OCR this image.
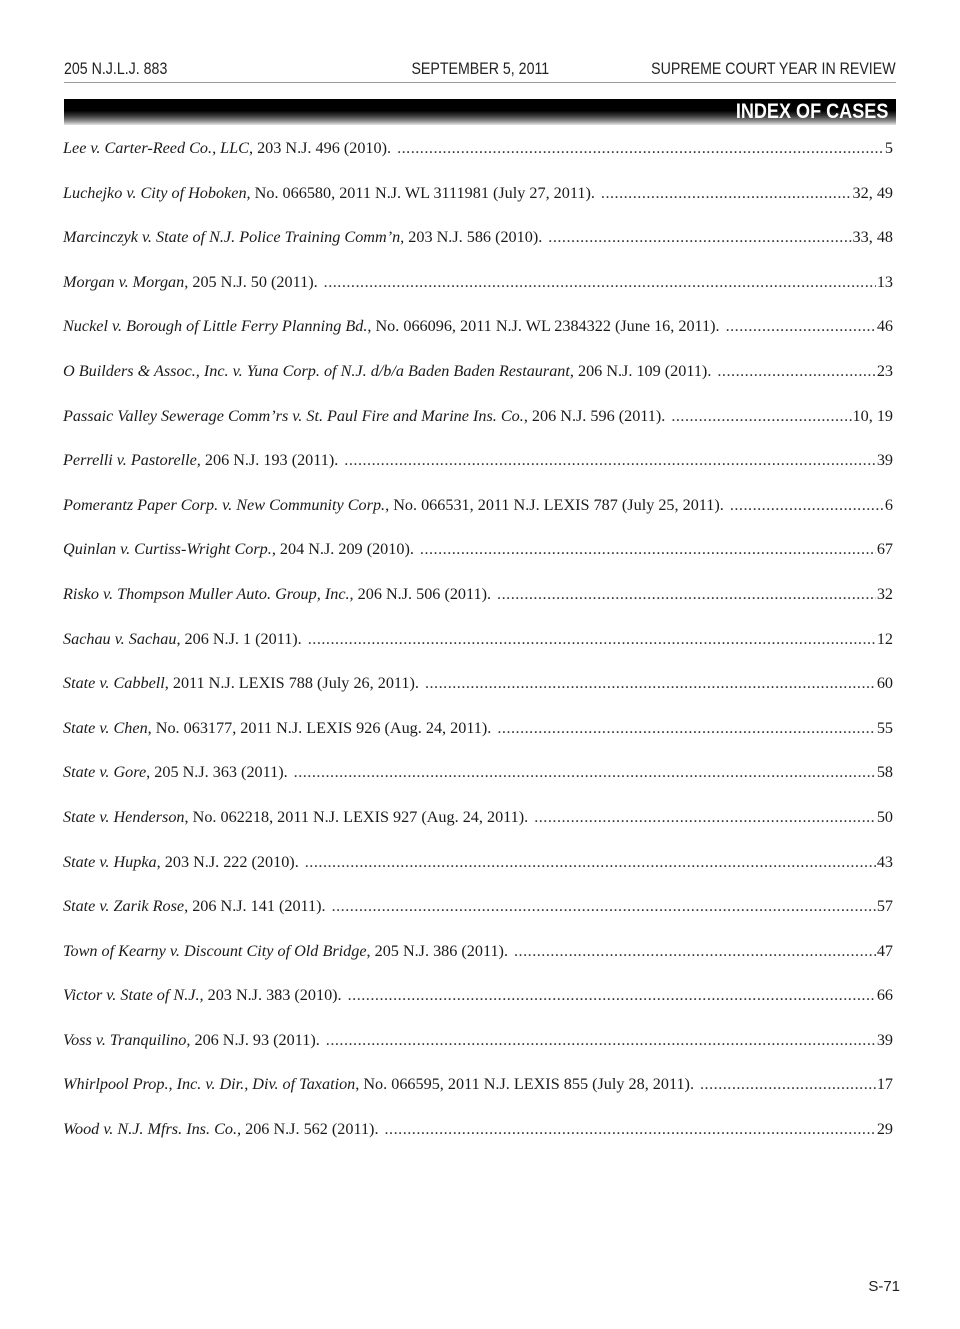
205 N.J.L.J. 883	SEPTEMBER 5, 2011	SUPREME COURT YEAR IN REVIEW
INDEX OF CASES
Lee v. Carter-Reed Co., LLC , 203 N.J. 496 (2010). .....	5
Luchejko v. City of Hoboken, No. 066580, 2011 N.J. WL 3111981 (July 27, 2011). .....	32, 49
Marcinczyk v. State of N.J. Police Training Comm’n, 203 N.J. 586 (2010). .....	33, 48
Morgan v. Morgan, 205 N.J. 50 (2011). .....	13
Nuckel v. Borough of Little Ferry Planning Bd. , No. 066096, 2011 N.J. WL 2384322 (June 16, 2011). .....	46
O Builders & Assoc., Inc. v. Yuna Corp. of N.J. d/b/a Baden Baden Restaurant , 206 N.J. 109 (2011). .....	23
Passaic Valley Sewerage Comm’rs v. St. Paul Fire and Marine Ins. Co. , 206 N.J. 596 (2011). .....	10, 19
Perrelli v. Pastorelle, 206 N.J. 193 (2011). .....	39
Pomerantz Paper Corp. v. New Community Corp. , No. 066531, 2011 N.J. LEXIS 787 (July 25, 2011). .....	6
Quinlan v. Curtiss-Wright Corp. , 204 N.J. 209 (2010). .....	67
Risko v. Thompson Muller Auto. Group, Inc., 206 N.J. 506 (2011). .....	32
Sachau v. Sachau , 206 N.J. 1 (2011). .....	12
State v. Cabbell , 2011 N.J. LEXIS 788 (July 26, 2011). .....	60
State v. Chen , No. 063177, 2011 N.J. LEXIS 926 (Aug. 24, 2011). .....	55
State v. Gore , 205 N.J. 363 (2011). .....	58
State v. Henderson , No. 062218, 2011 N.J. LEXIS 927 (Aug. 24, 2011). .....	50
State v. Hupka , 203 N.J. 222 (2010). .....	43
State v. Zarik Rose , 206 N.J. 141 (2011). .....	57
Town of Kearny v. Discount City of Old Bridge , 205 N.J. 386 (2011). .....	47
Victor v. State of N.J., 203 N.J. 383 (2010). .....	66
Voss v. Tranquilino, 206 N.J. 93 (2011). .....	39
Whirlpool Prop., Inc. v. Dir., Div. of Taxation , No. 066595, 2011 N.J. LEXIS 855 (July 28, 2011). .....	17
Wood v. N.J. Mfrs. Ins. Co., 206 N.J. 562 (2011). .....	29
S-71
